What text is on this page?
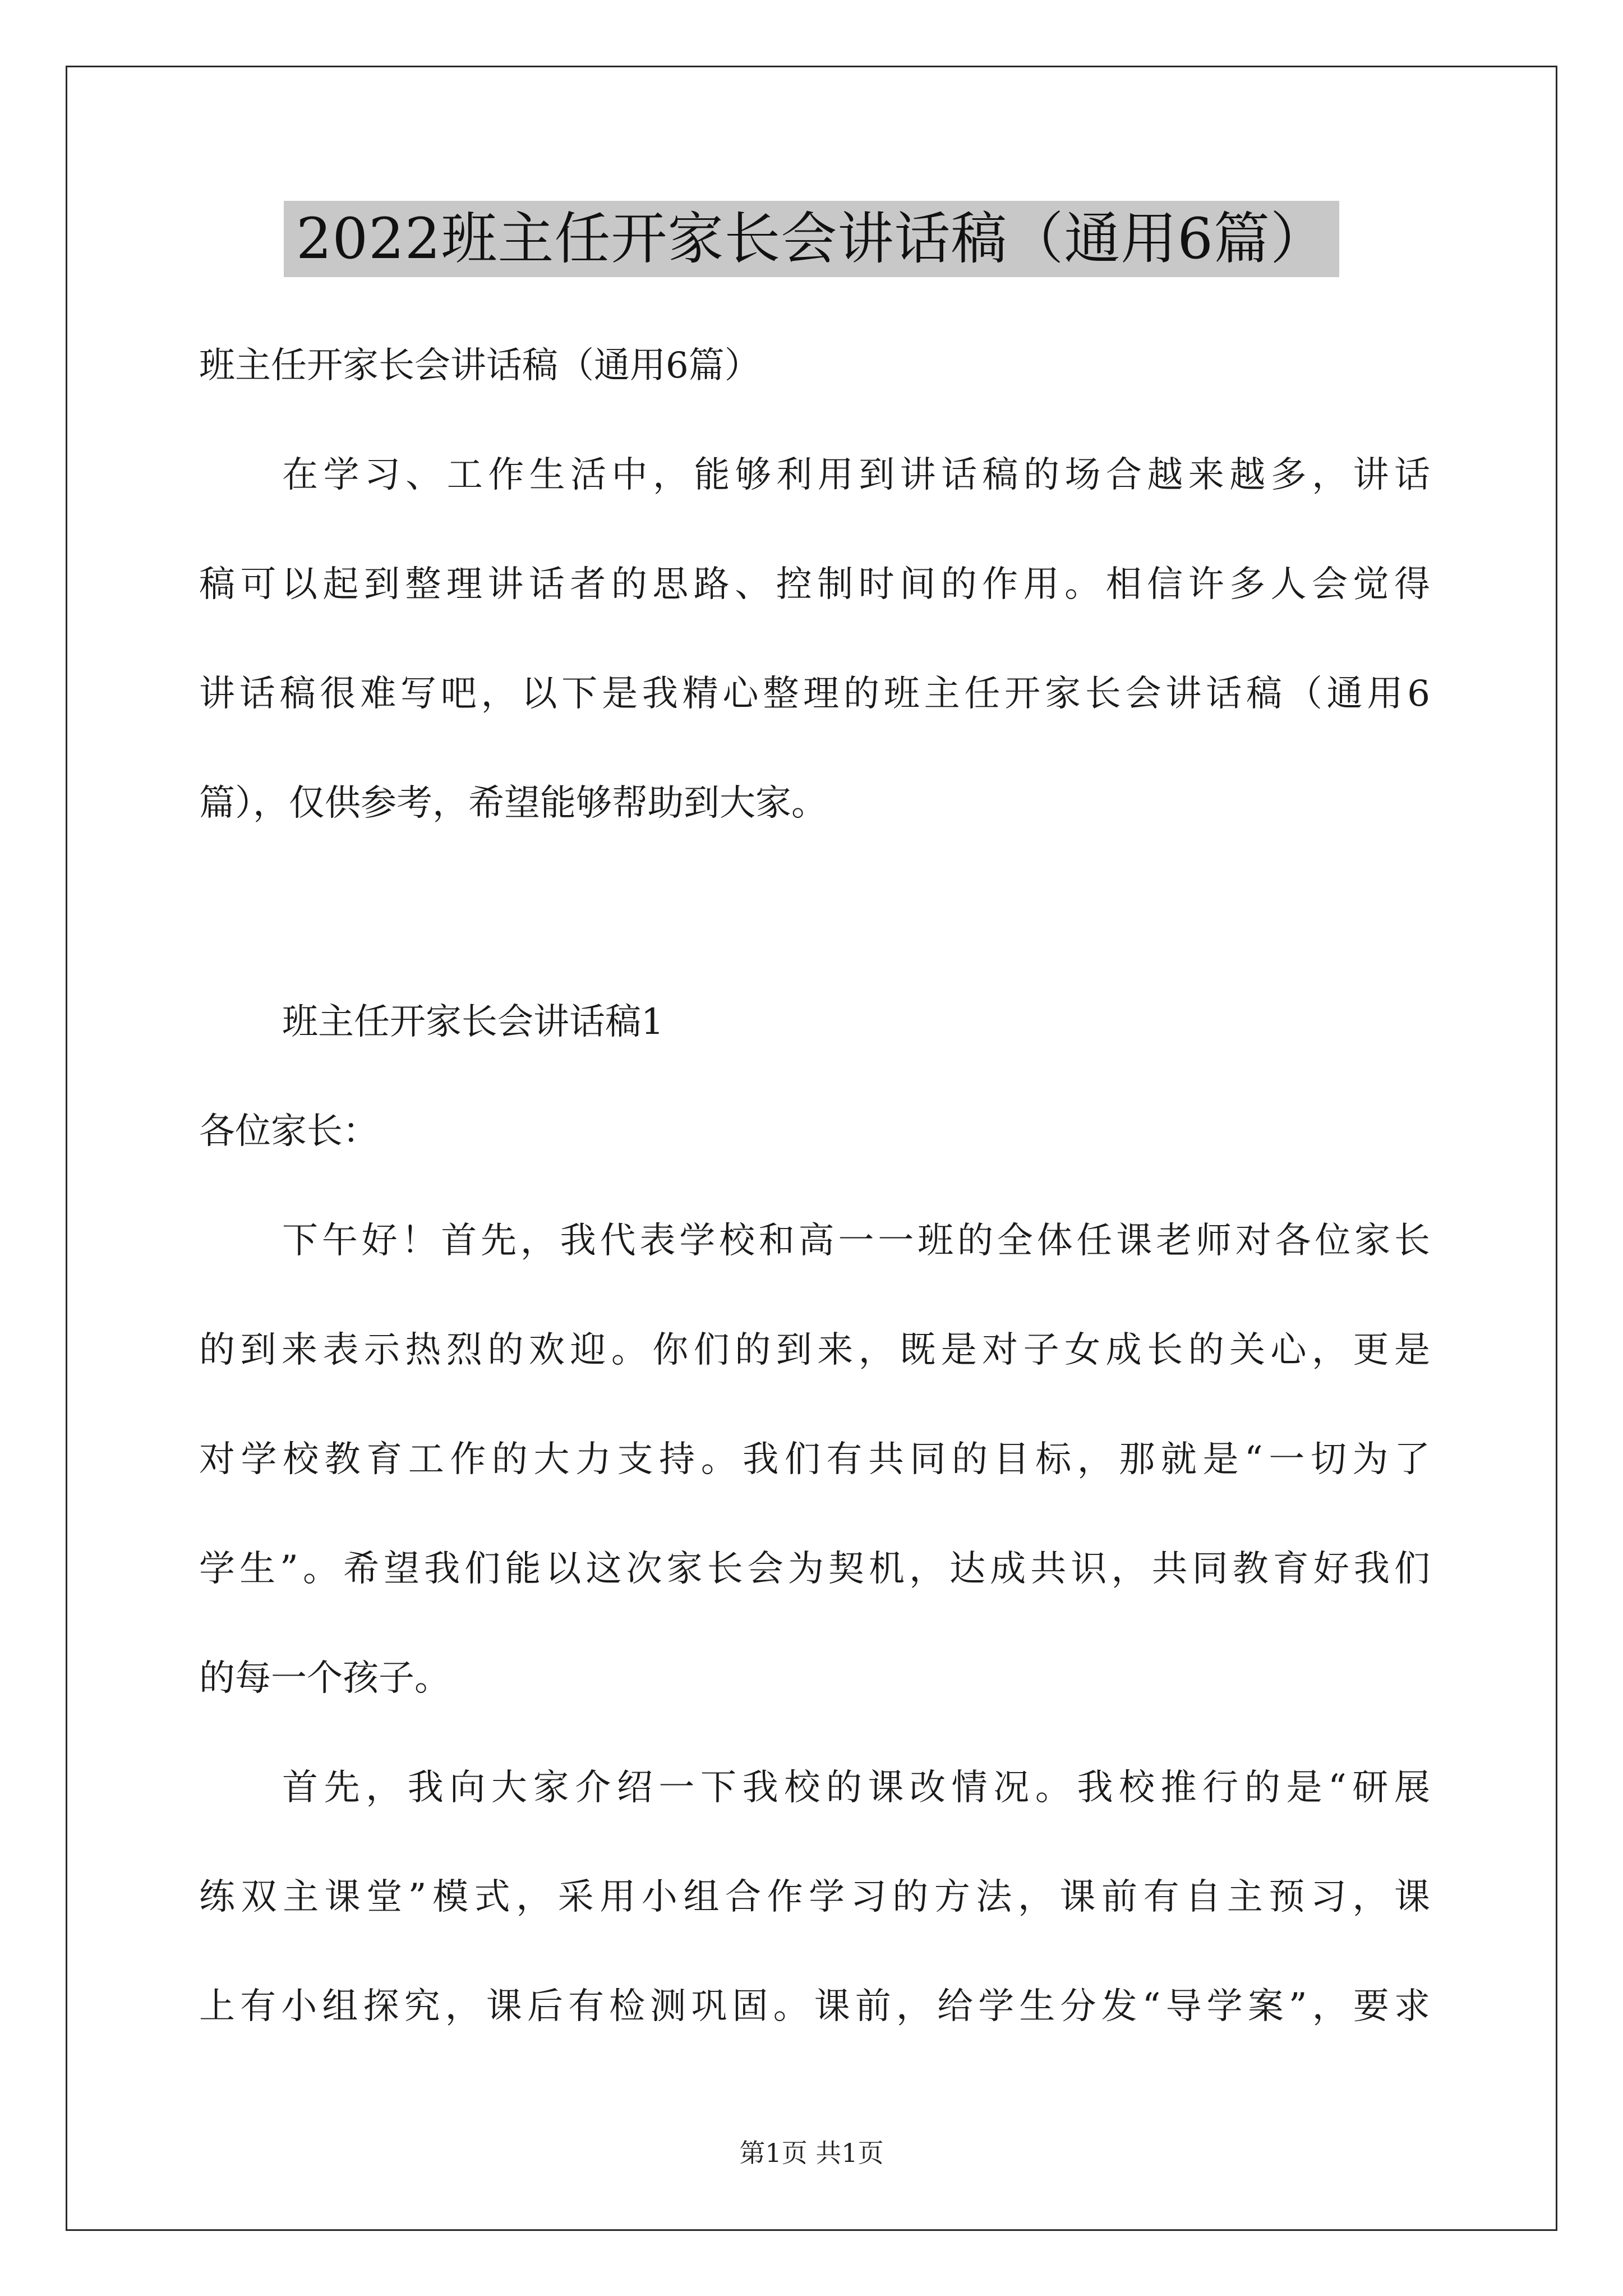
2022班主任开家长会讲话稿（通用6篇）
班主任开家长会讲话稿（通用6篇）
在学习、工作生活中，能够利用到讲话稿的场合越来越多，讲话
稿可以起到整理讲话者的思路、控制时间的作用。相信许多人会觉得
讲话稿很难写吧，以下是我精心整理的班主任开家长会讲话稿（通用6
篇），仅供参考，希望能够帮助到大家。
班主任开家长会讲话稿1
各位家长：
下午好！首先，我代表学校和高一一班的全体任课老师对各位家长
的到来表示热烈的欢迎。你们的到来，既是对子女成长的关心，更是
对学校教育工作的大力支持。我们有共同的目标，那就是“一切为了
学生”。希望我们能以这次家长会为契机，达成共识，共同教育好我们
的每一个孩子。
首先，我向大家介绍一下我校的课改情况。我校推行的是“研展
练双主课堂”模式，采用小组合作学习的方法，课前有自主预习，课
上有小组探究，课后有检测巩固。课前，给学生分发“导学案”，要求
第1页 共1页
